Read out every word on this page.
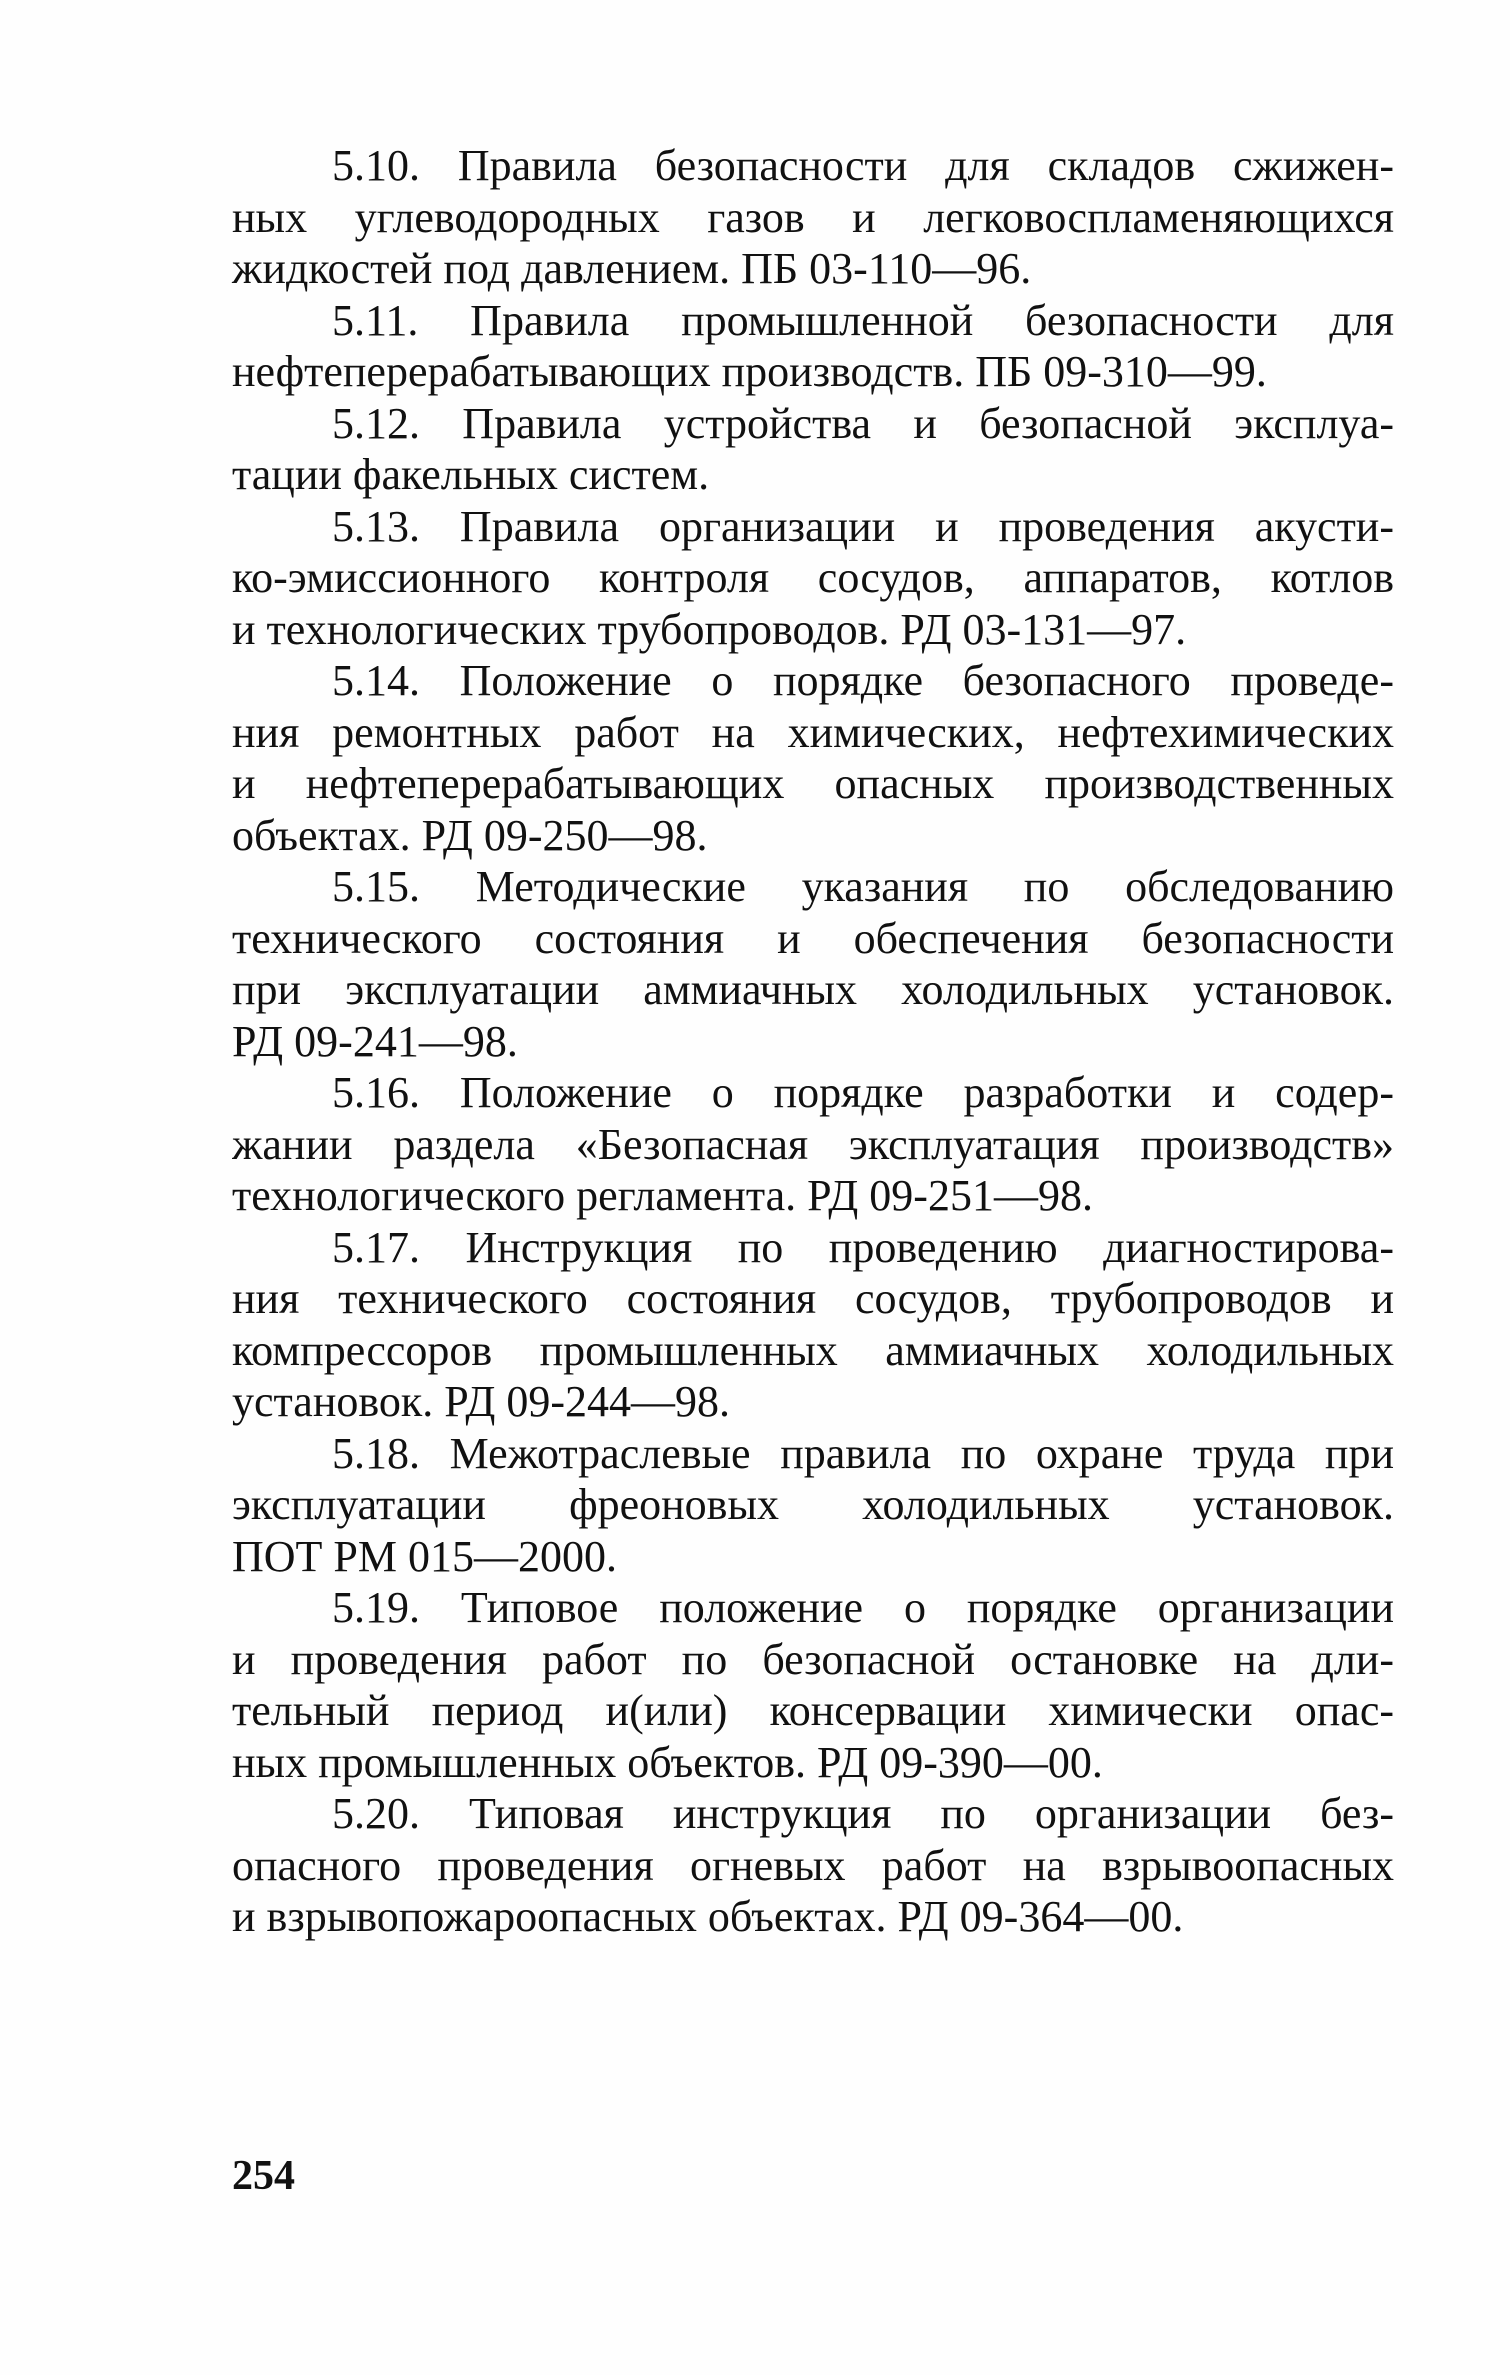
5.10. Правила безопасности для складов сжижен-
ных углеводородных газов и легковоспламеняющихся
жидкостей под давлением. ПБ 03-110—96.

5.11. Правила промышленной безопасности для
нефтеперерабатывающих производств. ПБ 09-310—99.

5.12. Правила устройства и безопасной эксплуа-
тации факельных систем.

5.13. Правила организации и проведения акусти-
ко-эмиссионного контроля сосудов, аппаратов, котлов
и технологических трубопроводов. РД 03-131—97.

5.14. Положение о порядке безопасного проведе-
ния ремонтных работ на химических, нефтехимических
и нефтеперерабатывающих опасных производственных
объектах. РД 09-250—98.

5.15. Методические указания по обследованию
технического состояния и обеспечения безопасности
при эксплуатации аммиачных холодильных установок.
РД 09-241—98.

5.16. Положение о порядке разработки и содер-
жании раздела «Безопасная эксплуатация производств»
технологического регламента. РД 09-251—98.

5.17. Инструкция по проведению диагностирова-
ния технического состояния сосудов, трубопроводов и
компрессоров промышленных аммиачных холодильных
установок. РД 09-244—98.

5.18. Межотраслевые правила по охране труда при
эксплуатации фреоновых холодильных установок.
ПОТ РМ 015—2000.

5.19. Типовое положение о порядке организации
и проведения работ по безопасной остановке на дли-
тельный период и(или) консервации химически опас-
ных промышленных объектов. РД 09-390—00.

5.20. Типовая инструкция по организации без-
опасного проведения огневых работ на взрывоопасных
и взрывопожароопасных объектах. РД 09-364—00.

254
